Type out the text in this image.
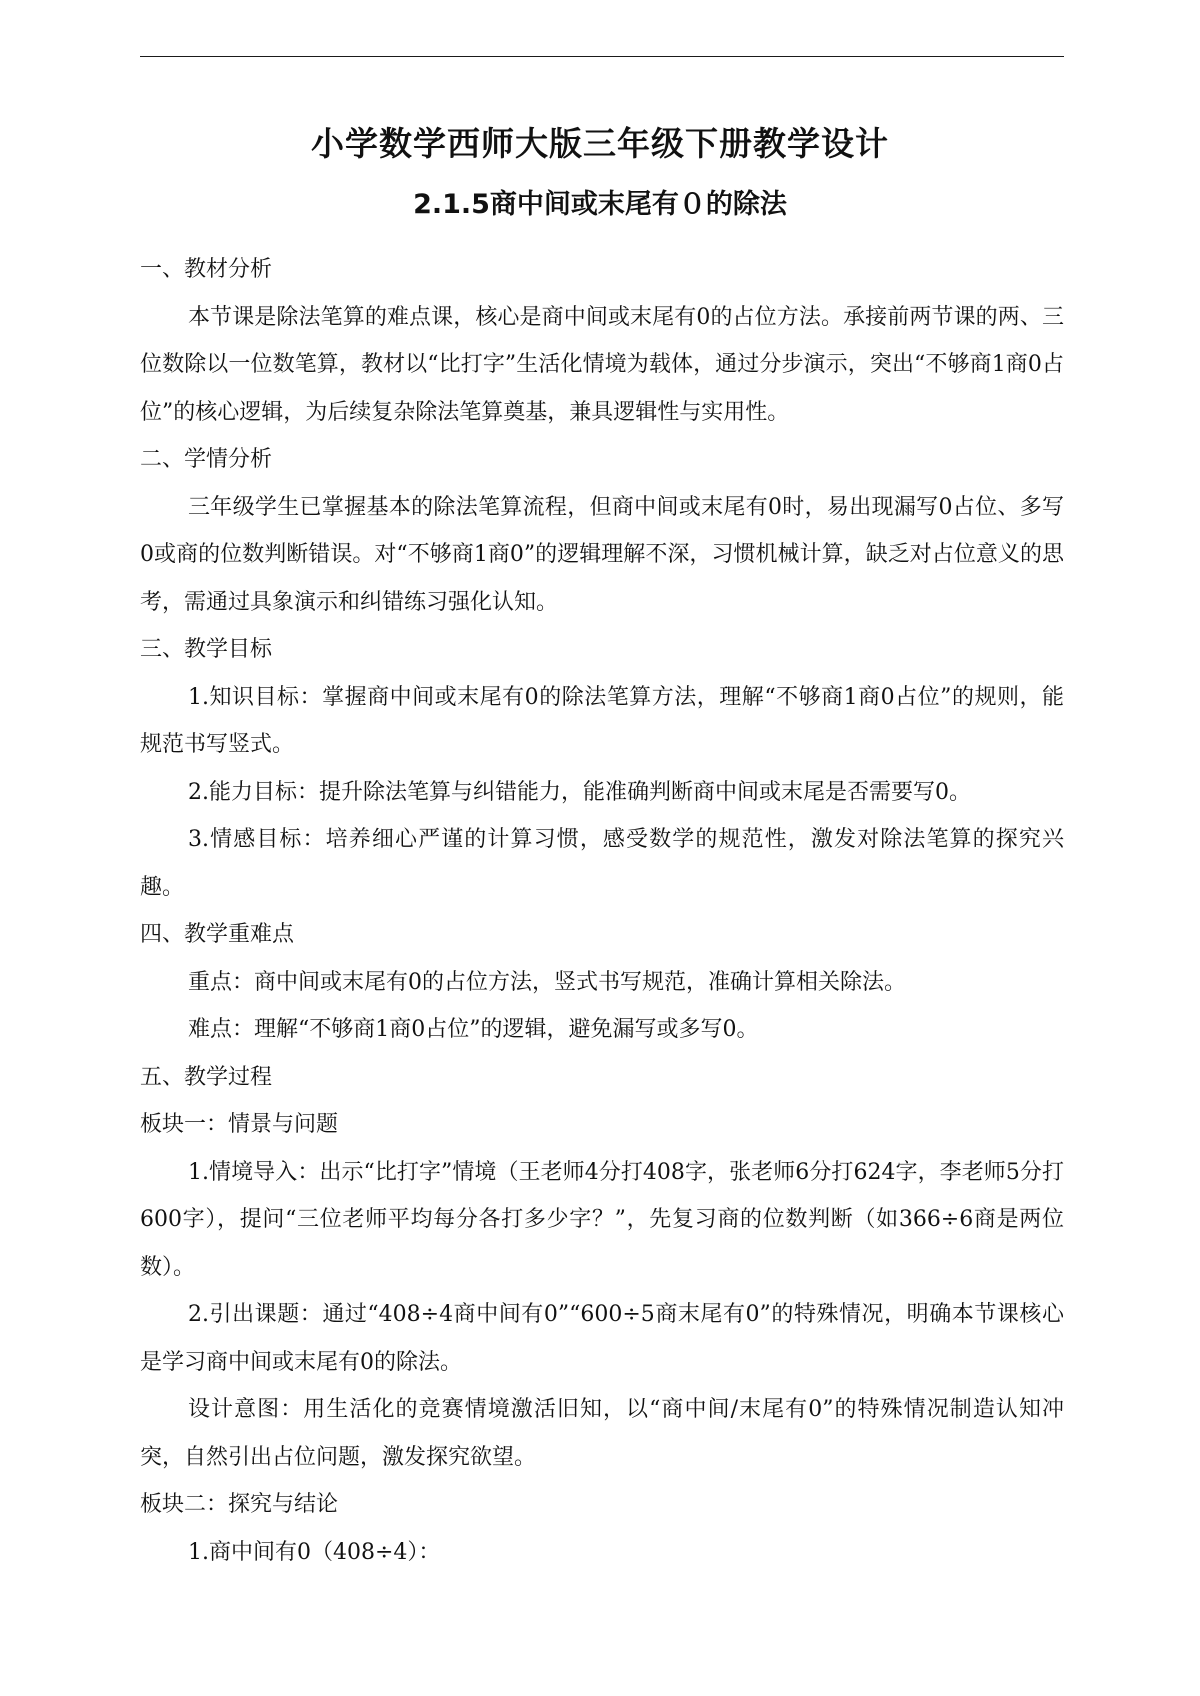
小学数学西师大版三年级下册教学设计
2.1.5商中间或末尾有０的除法

一、教材分析

本节课是除法笔算的难点课，核心是商中间或末尾有0的占位方法。承接前两节课的两、三位数除以一位数笔算，教材以“比打字”生活化情境为载体，通过分步演示，突出“不够商1商0占位”的核心逻辑，为后续复杂除法笔算奠基，兼具逻辑性与实用性。

二、学情分析

三年级学生已掌握基本的除法笔算流程，但商中间或末尾有0时，易出现漏写0占位、多写0或商的位数判断错误。对“不够商1商0”的逻辑理解不深，习惯机械计算，缺乏对占位意义的思考，需通过具象演示和纠错练习强化认知。

三、教学目标

1.知识目标：掌握商中间或末尾有0的除法笔算方法，理解“不够商1商0占位”的规则，能规范书写竖式。

2.能力目标：提升除法笔算与纠错能力，能准确判断商中间或末尾是否需要写0。

3.情感目标：培养细心严谨的计算习惯，感受数学的规范性，激发对除法笔算的探究兴趣。

四、教学重难点

重点：商中间或末尾有0的占位方法，竖式书写规范，准确计算相关除法。

难点：理解“不够商1商0占位”的逻辑，避免漏写或多写0。

五、教学过程

板块一：情景与问题

1.情境导入：出示“比打字”情境（王老师4分打408字，张老师6分打624字，李老师5分打600字），提问“三位老师平均每分各打多少字？”，先复习商的位数判断（如366÷6商是两位数）。

2.引出课题：通过“408÷4商中间有0”“600÷5商末尾有0”的特殊情况，明确本节课核心是学习商中间或末尾有0的除法。

设计意图：用生活化的竞赛情境激活旧知，以“商中间/末尾有0”的特殊情况制造认知冲突，自然引出占位问题，激发探究欲望。

板块二：探究与结论

1.商中间有0（408÷4）：
